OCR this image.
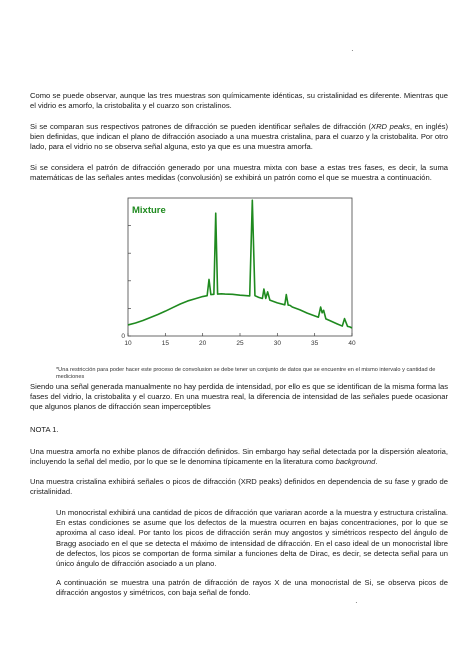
·

Como se puede observar, aunque las tres muestras son químicamente idénticas, su cristalinidad es diferente. Mientras que el vidrio es amorfo, la cristobalita y el cuarzo son cristalinos.

Si se comparan sus respectivos patrones de difracción se pueden identificar señales de difracción (XRD peaks, en inglés) bien definidas, que indican el plano de difracción asociado a una muestra cristalina, para el cuarzo y la cristobalita. Por otro lado, para el vidrio no se observa señal alguna, esto ya que es una muestra amorfa.

Si se considera el patrón de difracción generado por una muestra mixta con base a estas tres fases, es decir, la suma matemáticas de las señales antes medidas (convolusión) se exhibirá un patrón como el que se muestra a continuación.

Mixture
0
10	15	20	25	30	35	40

*Una restricción para poder hacer este proceso de convolusion se debe tener un conjunto de datos que se encuentre en el mismo intervalo y cantidad de mediciones

Siendo una señal generada manualmente no hay perdida de intensidad, por ello es que se identifican de la misma forma las fases del vidrio, la cristobalita y el cuarzo. En una muestra real, la diferencia de intensidad de las señales puede ocasionar que algunos planos de difracción sean imperceptibles

NOTA 1.

Una muestra amorfa no exhibe planos de difracción definidos. Sin embargo hay señal detectada por la dispersión aleatoria, incluyendo la señal del medio, por lo que se le denomina típicamente en la literatura como background.

Una muestra cristalina exhibirá señales o picos de difracción (XRD peaks) definidos en dependencia de su fase y grado de cristalinidad.

Un monocristal exhibirá una cantidad de picos de difracción que variaran acorde a la muestra y estructura cristalina. En estas condiciones se asume que los defectos de la muestra ocurren en bajas concentraciones, por lo que se aproxima al caso ideal. Por tanto los picos de difracción serán muy angostos y simétricos respecto del ángulo de Bragg asociado en el que se detecta el máximo de intensidad de difracción. En el caso ideal de un monocristal libre de defectos, los picos se comportan de forma similar a funciones delta de Dirac, es decir, se detecta señal para un único ángulo de difracción asociado a un plano.

A continuación se muestra una patrón de difracción de rayos X de una monocristal de Si, se observa picos de difracción angostos y simétricos, con baja señal de fondo.

·
